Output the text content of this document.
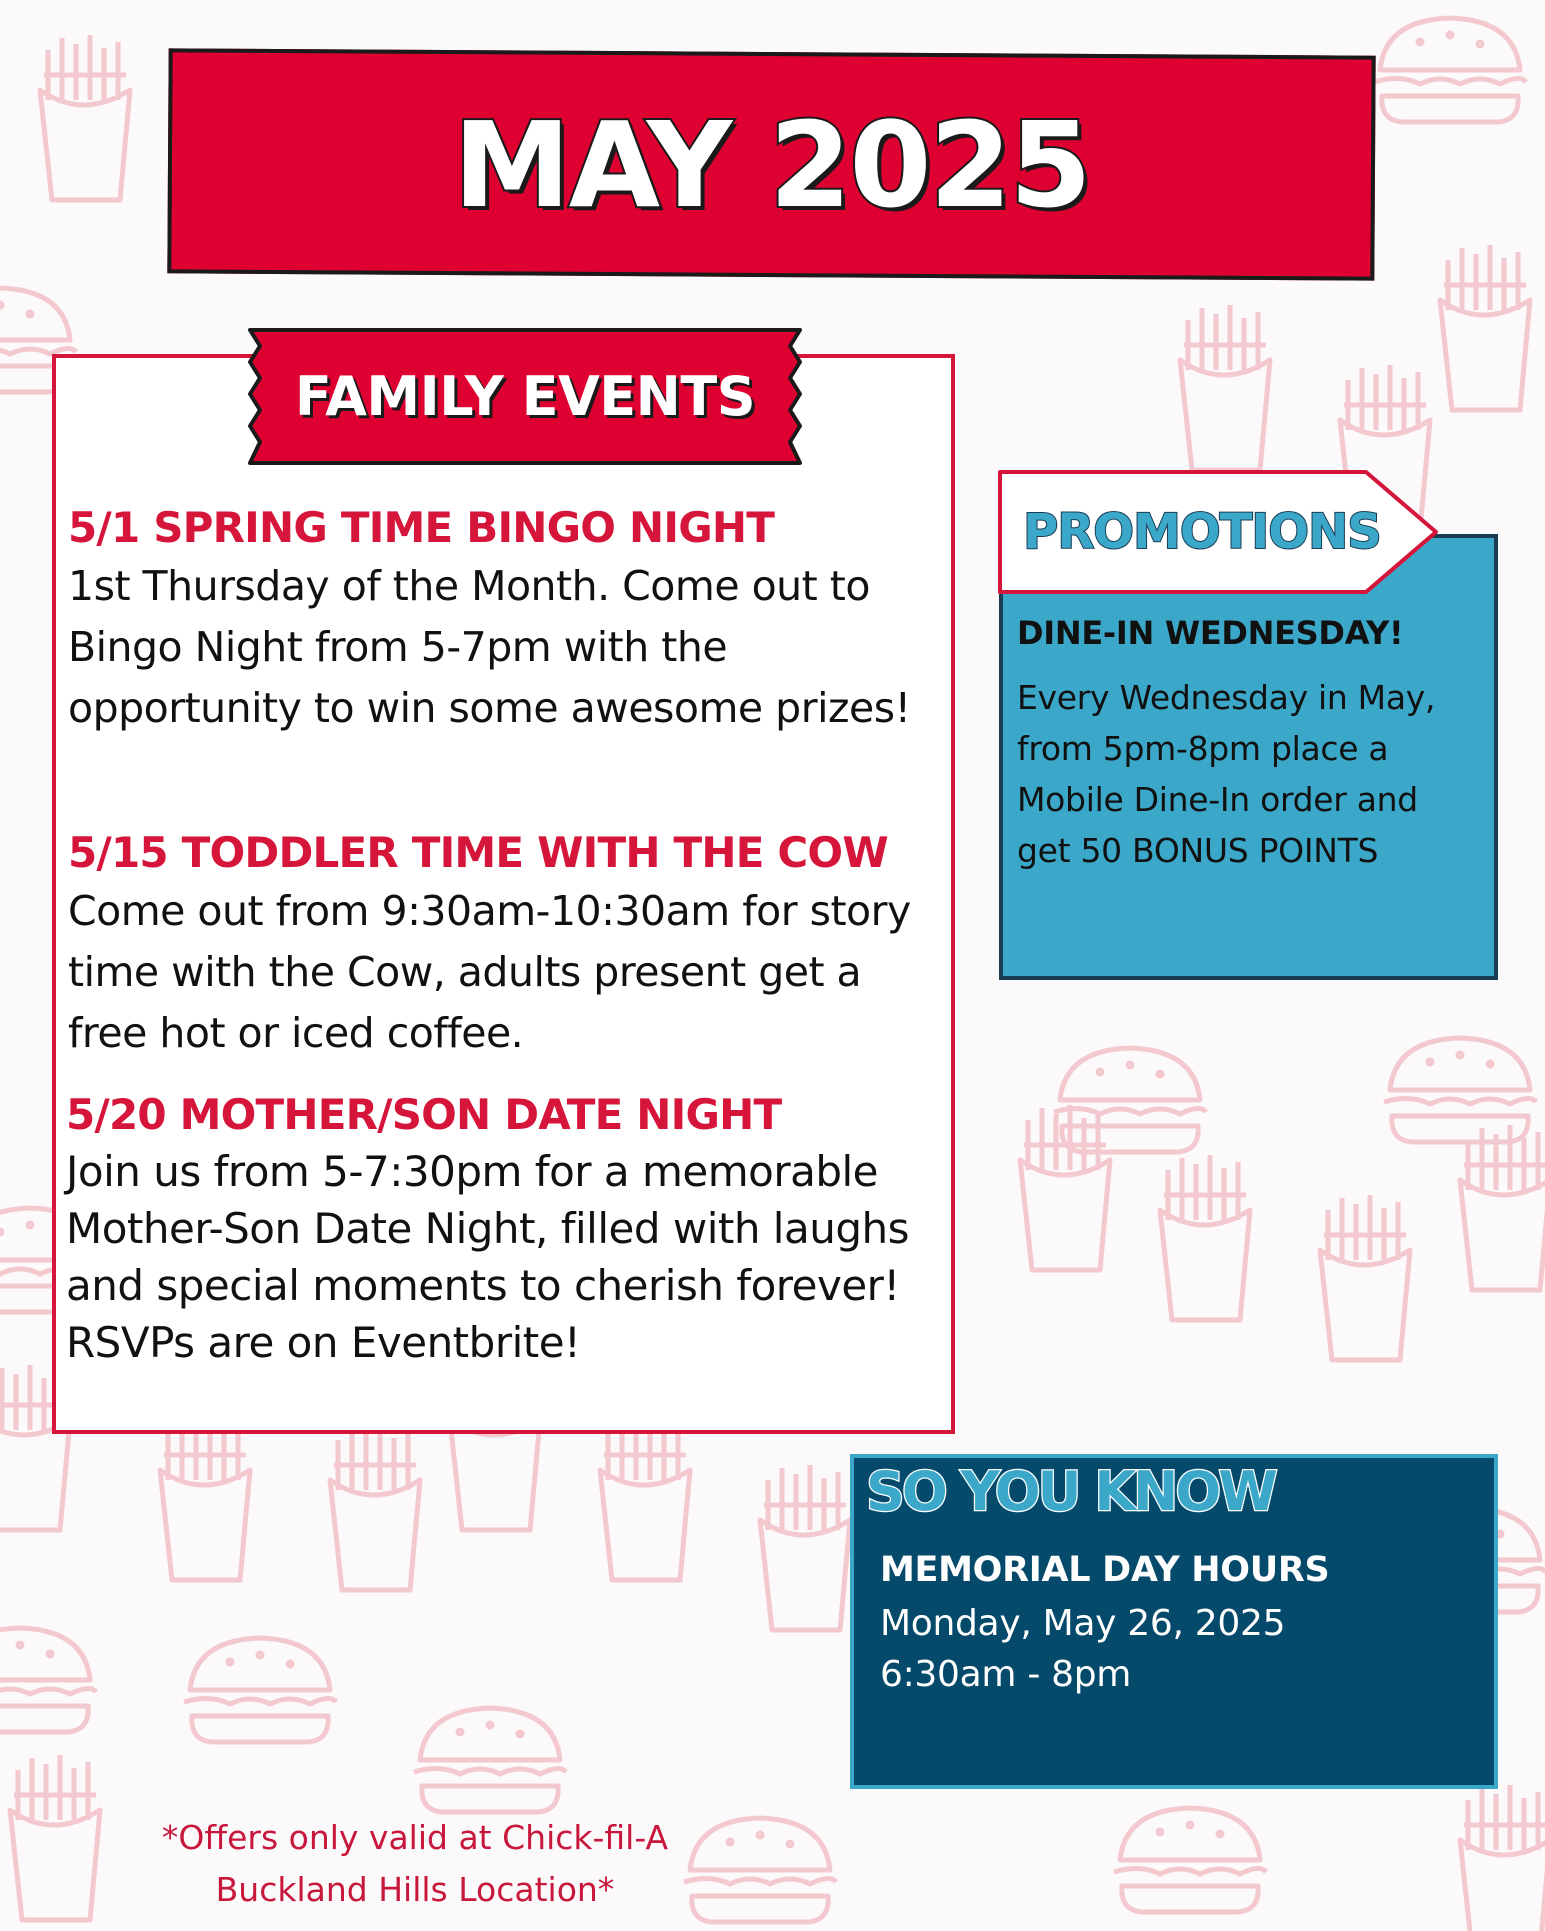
MAY 2025
FAMILY EVENTS
5/1 SPRING TIME BINGO NIGHT
1st Thursday of the Month. Come out to Bingo Night from 5-7pm with the opportunity to win some awesome prizes!
5/15 TODDLER TIME WITH THE COW
Come out from 9:30am-10:30am for story time with the Cow, adults present get a free hot or iced coffee.
5/20 MOTHER/SON DATE NIGHT
Join us from 5-7:30pm for a memorable Mother-Son Date Night, filled with laughs and special moments to cherish forever! RSVPs are on Eventbrite!
PROMOTIONS
DINE-IN WEDNESDAY!
Every Wednesday in May, from 5pm-8pm place a Mobile Dine-In order and get 50 BONUS POINTS
SO YOU KNOW
MEMORIAL DAY HOURS
Monday, May 26, 2025
6:30am - 8pm
*Offers only valid at Chick-fil-A
Buckland Hills Location*
